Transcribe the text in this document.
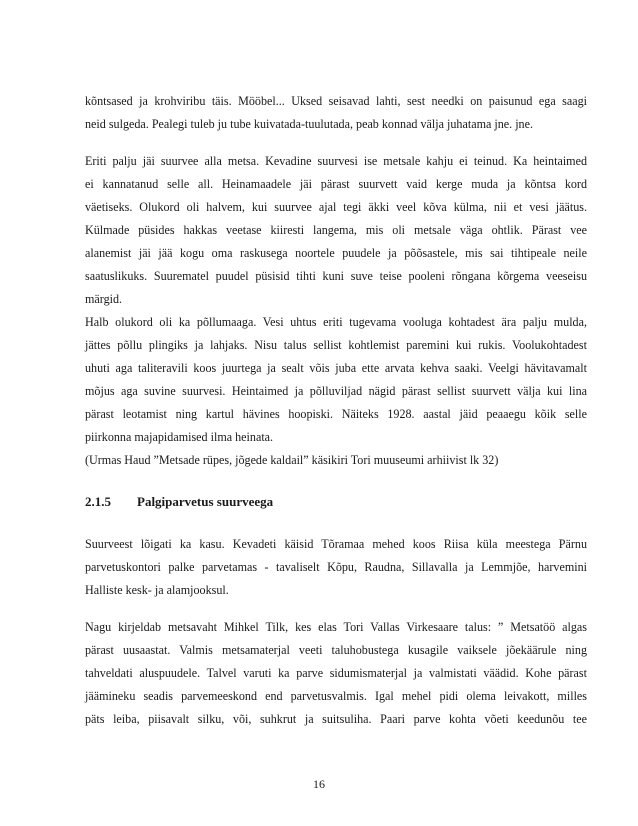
kõntsased ja krohviribu täis. Mööbel... Uksed seisavad lahti, sest needki on paisunud ega saagi

neid sulgeda. Pealegi tuleb ju tube kuivatada-tuulutada, peab konnad välja juhatama jne. jne.

Eriti palju jäi suurvee alla metsa. Kevadine suurvesi ise metsale kahju ei teinud. Ka heintaimed

ei kannatanud selle all. Heinamaadele jäi pärast suurvett vaid kerge muda ja kõntsa kord

väetiseks. Olukord oli halvem, kui suurvee ajal tegi äkki veel kõva külma, nii et vesi jäätus.

Külmade püsides hakkas veetase kiiresti langema, mis oli metsale väga ohtlik. Pärast vee

alanemist jäi jää kogu oma raskusega noortele puudele ja põõsastele, mis sai tihtipeale neile

saatuslikuks. Suurematel puudel püsisid tihti kuni suve teise pooleni rõngana kõrgema veeseisu

märgid.

Halb olukord oli ka põllumaaga. Vesi uhtus eriti tugevama vooluga kohtadest ära palju mulda,

jättes põllu plingiks ja lahjaks. Nisu talus sellist kohtlemist paremini kui rukis. Voolukohtadest

uhuti aga taliteravili koos juurtega ja sealt võis juba ette arvata kehva saaki. Veelgi hävitavamalt

mõjus aga suvine suurvesi. Heintaimed ja põlluviljad nägid pärast sellist suurvett välja kui lina

pärast leotamist ning kartul hävines hoopiski. Näiteks 1928. aastal jäid peaaegu kõik selle

piirkonna majapidamised ilma heinata.

(Urmas Haud ”Metsade rüpes, jõgede kaldail” käsikiri Tori muuseumi arhiivist lk 32)

2.1.5 Palgiparvetus suurveega

Suurveest lõigati ka kasu. Kevadeti käisid Tõramaa mehed koos Riisa küla meestega Pärnu

parvetuskontori palke parvetamas - tavaliselt Kõpu, Raudna, Sillavalla ja Lemmjõe, harvemini

Halliste kesk- ja alamjooksul.

Nagu kirjeldab metsavaht Mihkel Tilk, kes elas Tori Vallas Virkesaare talus: ” Metsatöö algas

pärast uusaastat. Valmis metsamaterjal veeti taluhobustega kusagile vaiksele jõekäärule ning

tahveldati aluspuudele. Talvel varuti ka parve sidumismaterjal ja valmistati väädid. Kohe pärast

jäämineku seadis parvemeeskond end parvetusvalmis. Igal mehel pidi olema leivakott, milles

päts leiba, piisavalt silku, või, suhkrut ja suitsuliha. Paari parve kohta võeti keedunõu tee

16
